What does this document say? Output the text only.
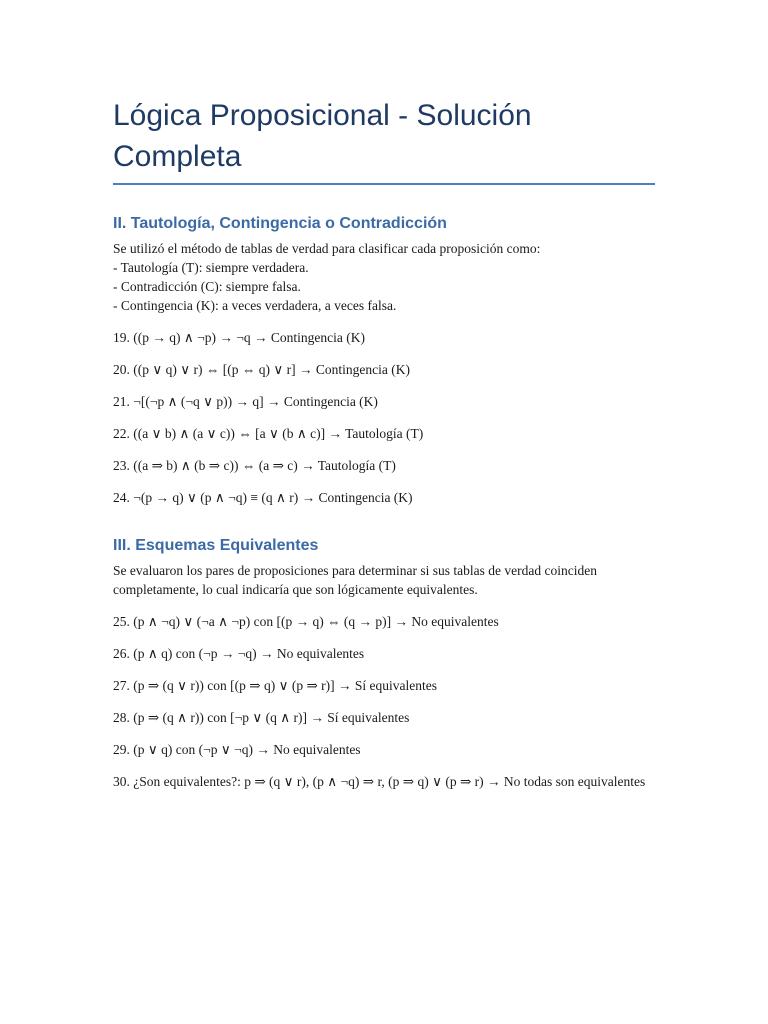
Lógica Proposicional - Solución Completa
II. Tautología, Contingencia o Contradicción

Se utilizó el método de tablas de verdad para clasificar cada proposición como:
- Tautología (T): siempre verdadera.
- Contradicción (C): siempre falsa.
- Contingencia (K): a veces verdadera, a veces falsa.

19. ((p → q) ∧ ¬p) → ¬q → Contingencia (K)

20. ((p ∨ q) ∨ r) ⇔ [(p ⇔ q) ∨ r] → Contingencia (K)

21. ¬[(¬p ∧ (¬q ∨ p)) → q] → Contingencia (K)

22. ((a ∨ b) ∧ (a ∨ c)) ⇔ [a ∨ (b ∧ c)] → Tautología (T)

23. ((a ⇒ b) ∧ (b ⇒ c)) ⇔ (a ⇒ c) → Tautología (T)

24. ¬(p → q) ∨ (p ∧ ¬q) ≡ (q ∧ r) → Contingencia (K)

III. Esquemas Equivalentes

Se evaluaron los pares de proposiciones para determinar si sus tablas de verdad coinciden completamente, lo cual indicaría que son lógicamente equivalentes.

25. (p ∧ ¬q) ∨ (¬a ∧ ¬p) con [(p → q) ⇔ (q → p)] → No equivalentes

26. (p ∧ q) con (¬p → ¬q) → No equivalentes

27. (p ⇒ (q ∨ r)) con [(p ⇒ q) ∨ (p ⇒ r)] → Sí equivalentes

28. (p ⇒ (q ∧ r)) con [¬p ∨ (q ∧ r)] → Sí equivalentes

29. (p ∨ q) con (¬p ∨ ¬q) → No equivalentes

30. ¿Son equivalentes?: p ⇒ (q ∨ r), (p ∧ ¬q) ⇒ r, (p ⇒ q) ∨ (p ⇒ r) → No todas son equivalentes
